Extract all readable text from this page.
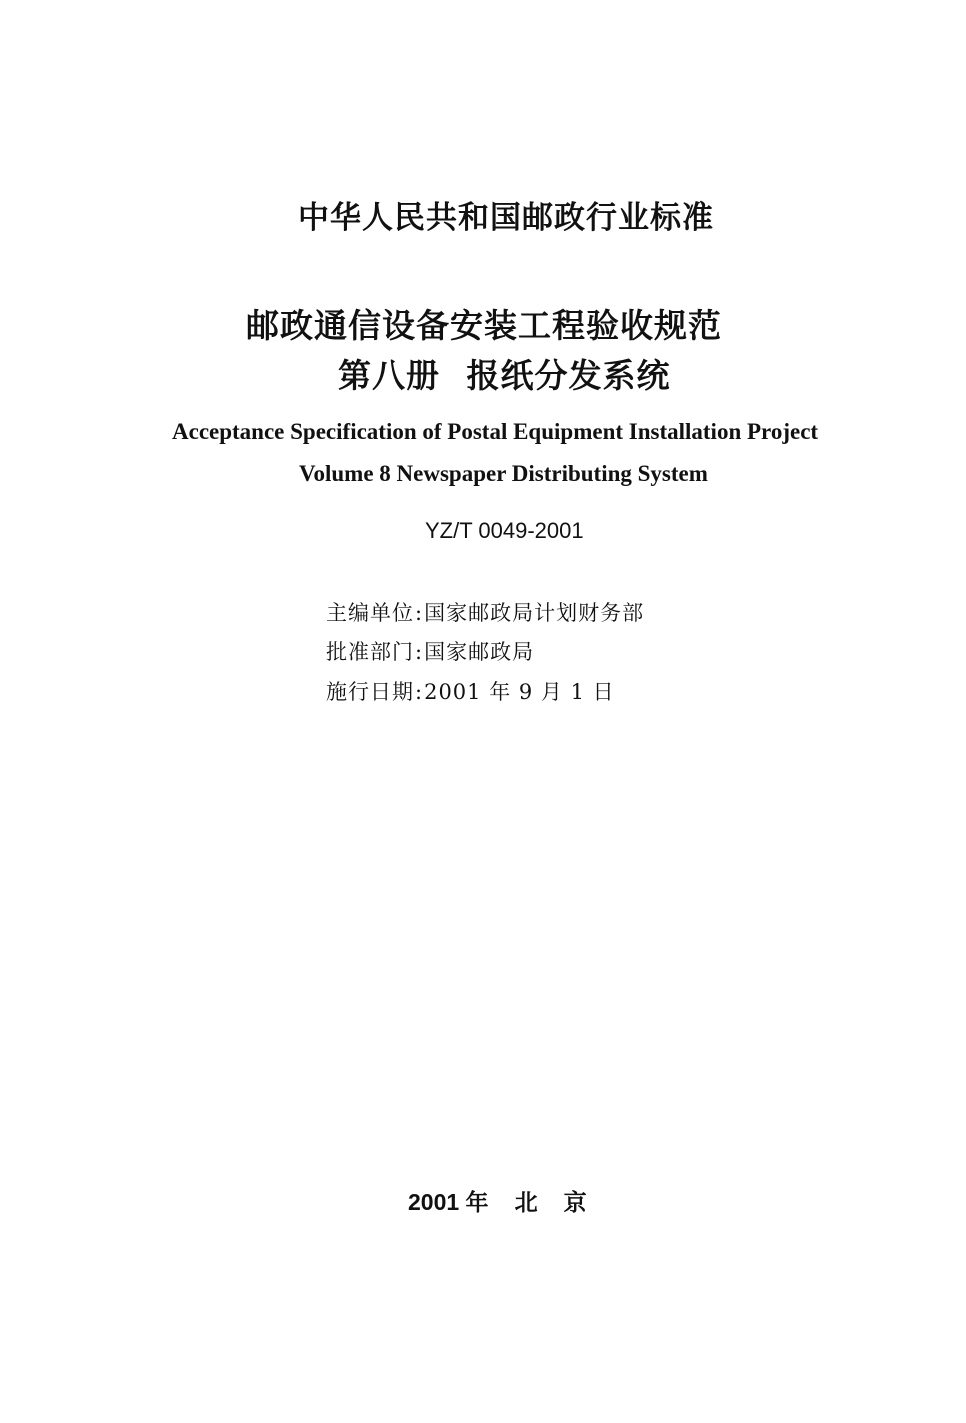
中华人民共和国邮政行业标准
邮政通信设备安装工程验收规范
第八册 报纸分发系统
Acceptance Specification of Postal Equipment Installation Project
Volume 8 Newspaper Distributing System
YZ/T 0049-2001
主编单位:国家邮政局计划财务部
批准部门:国家邮政局
施行日期:2001 年 9 月 1 日
2001 年 北京
